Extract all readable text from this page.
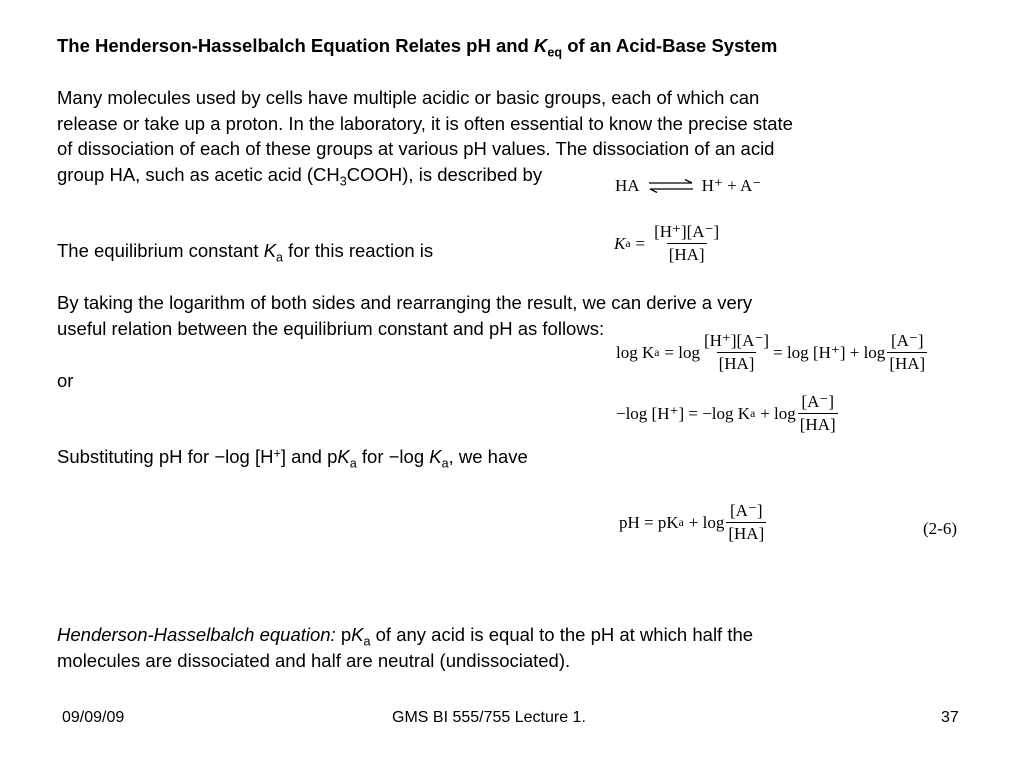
The Henderson-Hasselbalch Equation Relates pH and $K_{eq}$ of an Acid-Base System
Many molecules used by cells have multiple acidic or basic groups, each of which can
release or take up a proton. In the laboratory, it is often essential to know the precise state
of dissociation of each of these groups at various pH values. The dissociation of an acid
group HA, such as acetic acid $(CH_3COOH)$, is described by
HA ⇌ H⁺ + A⁻
The equilibrium constant $K_a$ for this reaction is	K $a = \frac{[H^+][A^-]}{[HA]}$
By taking the logarithm of both sides and rearranging the result, we can derive a very
useful relation between the equilibrium constant and pH as follows:
log K $a = \log \frac{[H^+][A^-]}{[HA]} = \log [H^+] + \log \frac{[A^-]}{[HA]}$
or
−log [H⁺] = −log K $a + \log \frac{[A^-]}{[HA]}$
Substituting pH for −log [H+] and $pK_a$ for −log $K_a$, we have
pH = pK $a + \log \frac{[A^-]}{[HA]}$	(2-6)
Henderson-Hasselbalch equation: $pK_a$ of any acid is equal to the pH at which half the
molecules are dissociated and half are neutral (undissociated).
09/09/09	GMS BI 555/755 Lecture 1.	37
